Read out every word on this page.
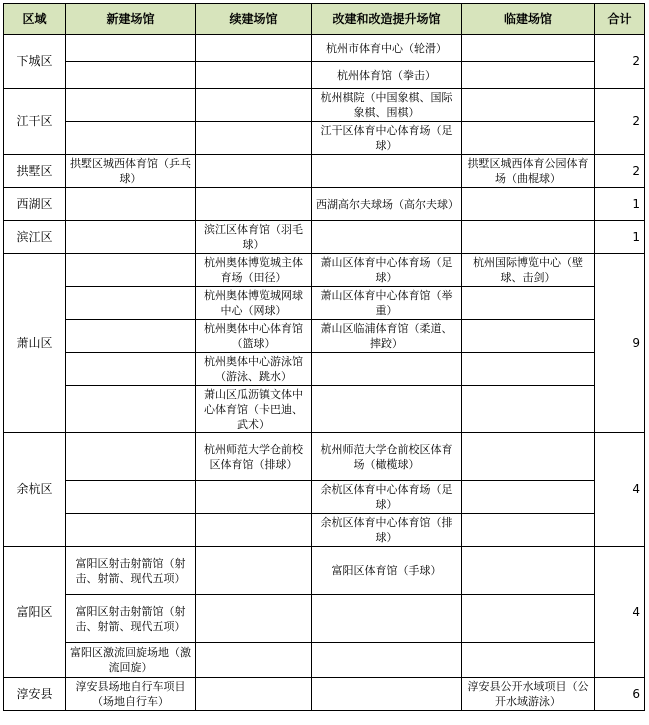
区域	新建场馆	续建场馆	改建和改造提升场馆	临建场馆	合计
下城区			杭州市体育中心（轮滑）		2
			杭州体育馆（拳击）		
江干区			杭州棋院（中国象棋、国际象棋、围棋）		2
			江干区体育中心体育场（足球）		
拱墅区	拱墅区城西体育馆（乒乓球）			拱墅区城西体育公园体育场（曲棍球）	2
西湖区			西湖高尔夫球场（高尔夫球）		1
滨江区		滨江区体育馆（羽毛球）			1
萧山区		杭州奥体博览城主体育场（田径）	萧山区体育中心体育场（足球）	杭州国际博览中心（壁球、击剑）	9
		杭州奥体博览城网球中心（网球）	萧山区体育中心体育馆（举重）		
		杭州奥体中心体育馆（篮球）	萧山区临浦体育馆（柔道、摔跤）		
		杭州奥体中心游泳馆（游泳、跳水）			
		萧山区瓜沥镇文体中心体育馆（卡巴迪、武术）			
余杭区		杭州师范大学仓前校区体育馆（排球）	杭州师范大学仓前校区体育场（橄榄球）		4
			余杭区体育中心体育场（足球）		
			余杭区体育中心体育馆（排球）		
富阳区	富阳区射击射箭馆（射击、射箭、现代五项）		富阳区体育馆（手球）		4
	富阳区射击射箭馆（射击、射箭、现代五项）				
	富阳区激流回旋场地（激流回旋）				
淳安县	淳安县场地自行车项目（场地自行车）			淳安县公开水域项目（公开水域游泳）	6
